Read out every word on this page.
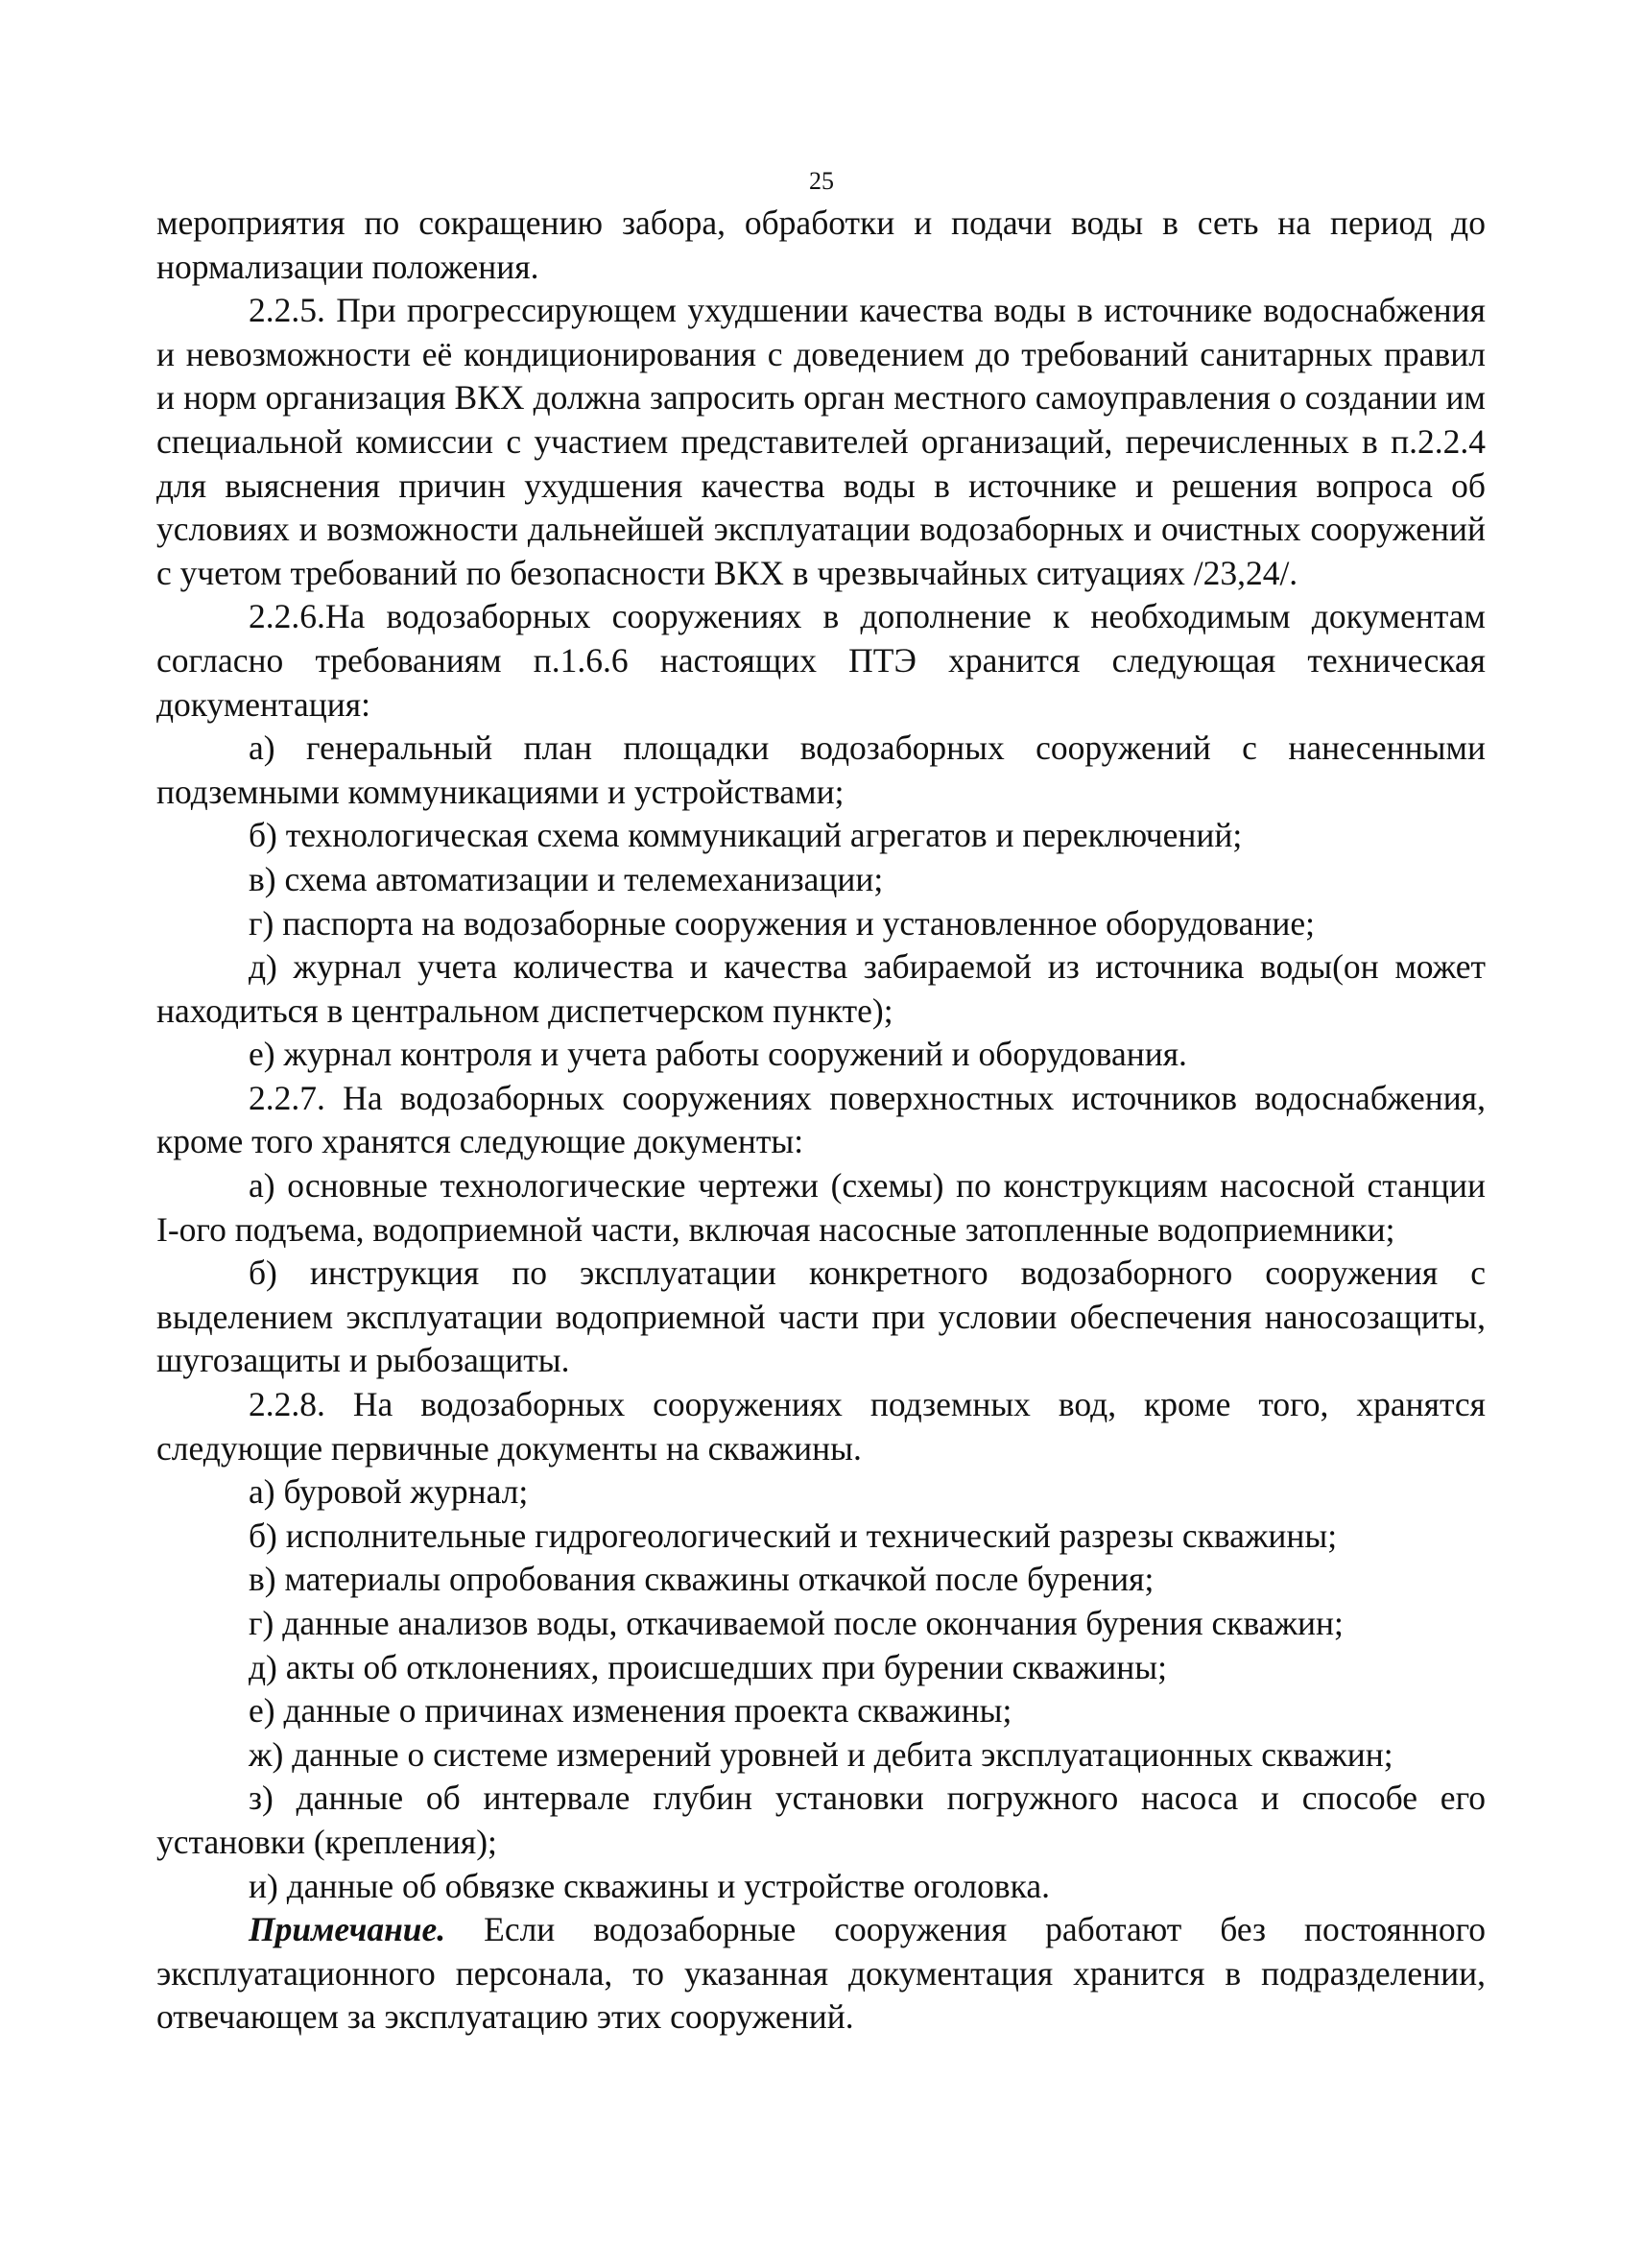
25

мероприятия по сокращению забора, обработки и подачи воды в сеть на период до нормализации положения.

2.2.5. При прогрессирующем ухудшении качества воды в источнике водоснабжения и невозможности её кондиционирования с доведением до требований санитарных правил и норм организация ВКХ должна запросить орган местного самоуправления о создании им специальной комиссии с участием представителей организаций, перечисленных в п.2.2.4 для выяснения причин ухудшения качества воды в источнике и решения вопроса об условиях и возможности дальнейшей эксплуатации водозаборных и очистных сооружений с учетом требований по безопасности ВКХ в чрезвычайных ситуациях /23,24/.

2.2.6.На водозаборных сооружениях в дополнение к необходимым документам согласно требованиям п.1.6.6 настоящих ПТЭ хранится следующая техническая документация:

а) генеральный план площадки водозаборных сооружений с нанесенными подземными коммуникациями и устройствами;

б) технологическая схема коммуникаций агрегатов и переключений;

в) схема автоматизации и телемеханизации;

г) паспорта на водозаборные сооружения и установленное оборудование;

д) журнал учета количества и качества забираемой из источника воды(он может находиться в центральном диспетчерском пункте);

е) журнал контроля и учета работы сооружений и оборудования.

2.2.7. На водозаборных сооружениях поверхностных источников водоснабжения, кроме того хранятся следующие документы:

а) основные технологические чертежи (схемы) по конструкциям насосной станции I-ого подъема, водоприемной части, включая насосные затопленные водоприемники;

б) инструкция по эксплуатации конкретного водозаборного сооружения с выделением эксплуатации водоприемной части при условии обеспечения наносозащиты, шугозащиты и рыбозащиты.

2.2.8. На водозаборных сооружениях подземных вод, кроме того, хранятся следующие первичные документы на скважины.

а) буровой журнал;

б) исполнительные гидрогеологический и технический разрезы скважины;

в) материалы опробования скважины откачкой после бурения;

г) данные анализов воды, откачиваемой после окончания бурения скважин;

д) акты об отклонениях, происшедших при бурении скважины;

е) данные о причинах изменения проекта скважины;

ж) данные о системе измерений уровней и дебита эксплуатационных скважин;

з) данные об интервале глубин установки погружного насоса и способе его установки (крепления);

и) данные об обвязке скважины и устройстве оголовка.

Примечание. Если водозаборные сооружения работают без постоянного эксплуатационного персонала, то указанная документация хранится в подразделении, отвечающем за эксплуатацию этих сооружений.
